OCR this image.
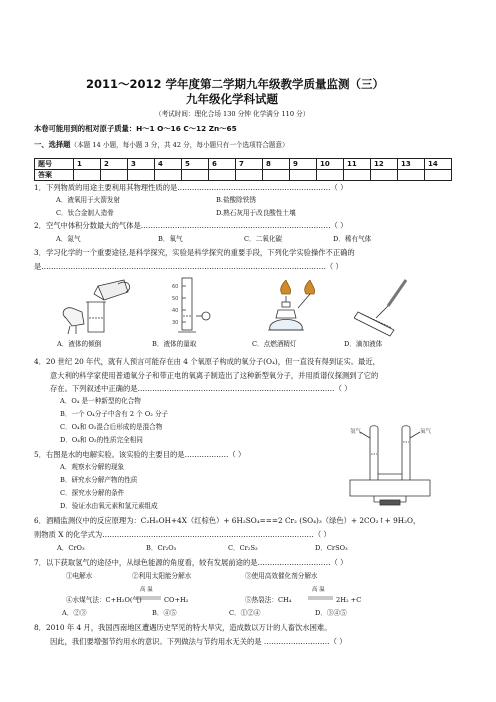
2011～2012 学年度第二学期九年级教学质量监测（三）
九年级化学科试题
（考试时间：理化合场 130 分钟 化学满分 110 分）
本卷可能用到的相对原子质量：H～1 O～16 C～12 Zn～65
一、选择题（本题 14 小题，每小题 3 分，共 42 分，每小题只有一个选项符合题意）
题号	1	2	3	4	5	6	7	8	9	10	11	12	13	14
答案														
1．下列物质的用途主要利用其物理性质的是………………………………………………………（ ）
A．液氧用于火箭发射	B.盐酸除铁锈
C．钛合金制人造骨	D.熟石灰用于改良酸性土壤
2．空气中体积分数最大的气体是……………………………………………………………………（ ）
A．氮气	B．氧气	C．二氧化碳	D．稀有气体
3．学习化学的一个重要途径,是科学探究，实验是科学探究的重要手段，下列化学实验操作不正确的
是………………………………………………………………………………………………………（ ）
60
50
40
30
A．液体的倾倒	B．液体的量取	C．点燃酒精灯	D．滴加液体
4．20 世纪 20 年代，就有人预言可能存在由 4 个氧原子构成的氧分子(O₄)，但一直没有得到证实。最近，
意大利的科学家使用普通氧分子和带正电的氧离子制造出了这种新型氧分子，并用质谱仪探测到了它的
存在。下列叙述中正确的是………………………………………………………………………（ ）
A．O₄ 是一种新型的化合物
B．一个 O₄分子中含有 2 个 O₂ 分子
C．O₄和 O₂混合后形成的是混合物
D．O₄和 O₂的性质完全相同
5．右图是水的电解实验。该实验的主要目的是………………（ ）
A．观察水分解的现象
B．研究水分解产物的性质
C．探究水分解的条件
D．验证水由氧元素和氢元素组成
氢气	氧气
6．酒精监测仪中的反应原理为：C₂H₅OH+4X（红棕色）+ 6H₂SO₄===2 Cr₂ (SO₄)₃（绿色）+ 2CO₂↑+ 9H₂O，
则物质 X 的化学式为……………………………………………………………………………（ ）
A．CrO₃	B．Cr₂O₃	C．Cr₂S₃	D．CrSO₃
7．以下获取氢气的途径中，从绿色能源的角度看，较有发展前途的是…………………………（ ）
①电解水	②利用太阳能分解水	③使用高效催化剂分解水
④水煤气法：C+H₂O(气)
高 温
CO+H₂	⑤热裂法：CH₄
高 温
2H₂ +C
A．②③	B．④⑤	C．①②④	D．③④⑤
8．2010 年 4 月，我国西南地区遭遇历史罕见的特大旱灾，造成数以万计的人畜饮水困难。
因此，我们要增强节约用水的意识。下列做法与节约用水无关的是 ………………………（ ）
